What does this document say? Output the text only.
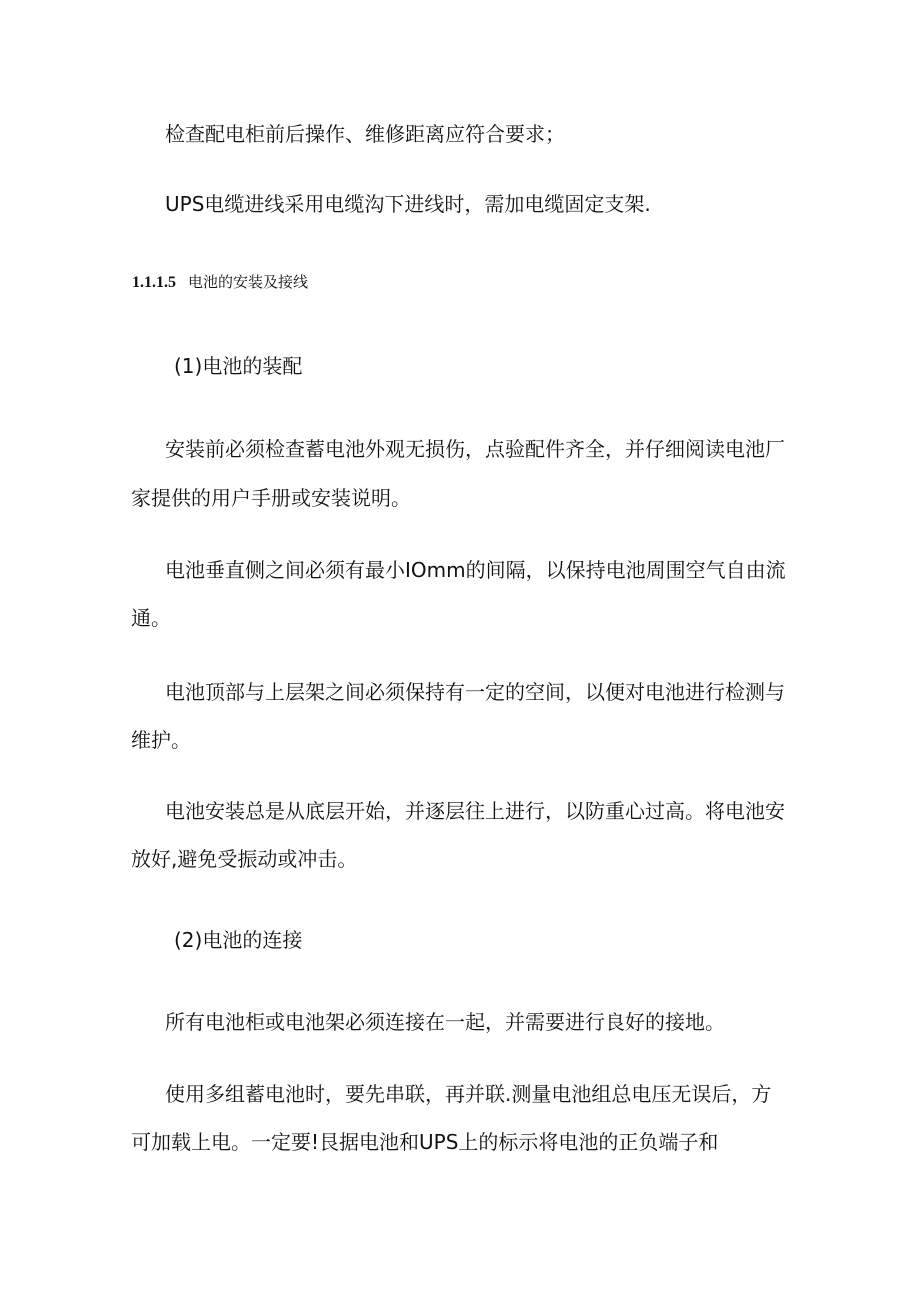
检查配电柜前后操作、维修距离应符合要求；
UPS电缆进线采用电缆沟下进线时，需加电缆固定支架.
1.1.1.5 电池的安装及接线
(1)电池的装配
安装前必须检查蓄电池外观无损伤，点验配件齐全，并仔细阅读电池厂
家提供的用户手册或安装说明。
电池垂直侧之间必须有最小IOmm的间隔，以保持电池周围空气自由流
通。
电池顶部与上层架之间必须保持有一定的空间，以便对电池进行检测与
维护。
电池安装总是从底层开始，并逐层往上进行，以防重心过高。将电池安
放好,避免受振动或冲击。
(2)电池的连接
所有电池柜或电池架必须连接在一起，并需要进行良好的接地。
使用多组蓄电池时，要先串联，再并联.测量电池组总电压无误后，方
可加载上电。一定要!艮据电池和UPS上的标示将电池的正负端子和
